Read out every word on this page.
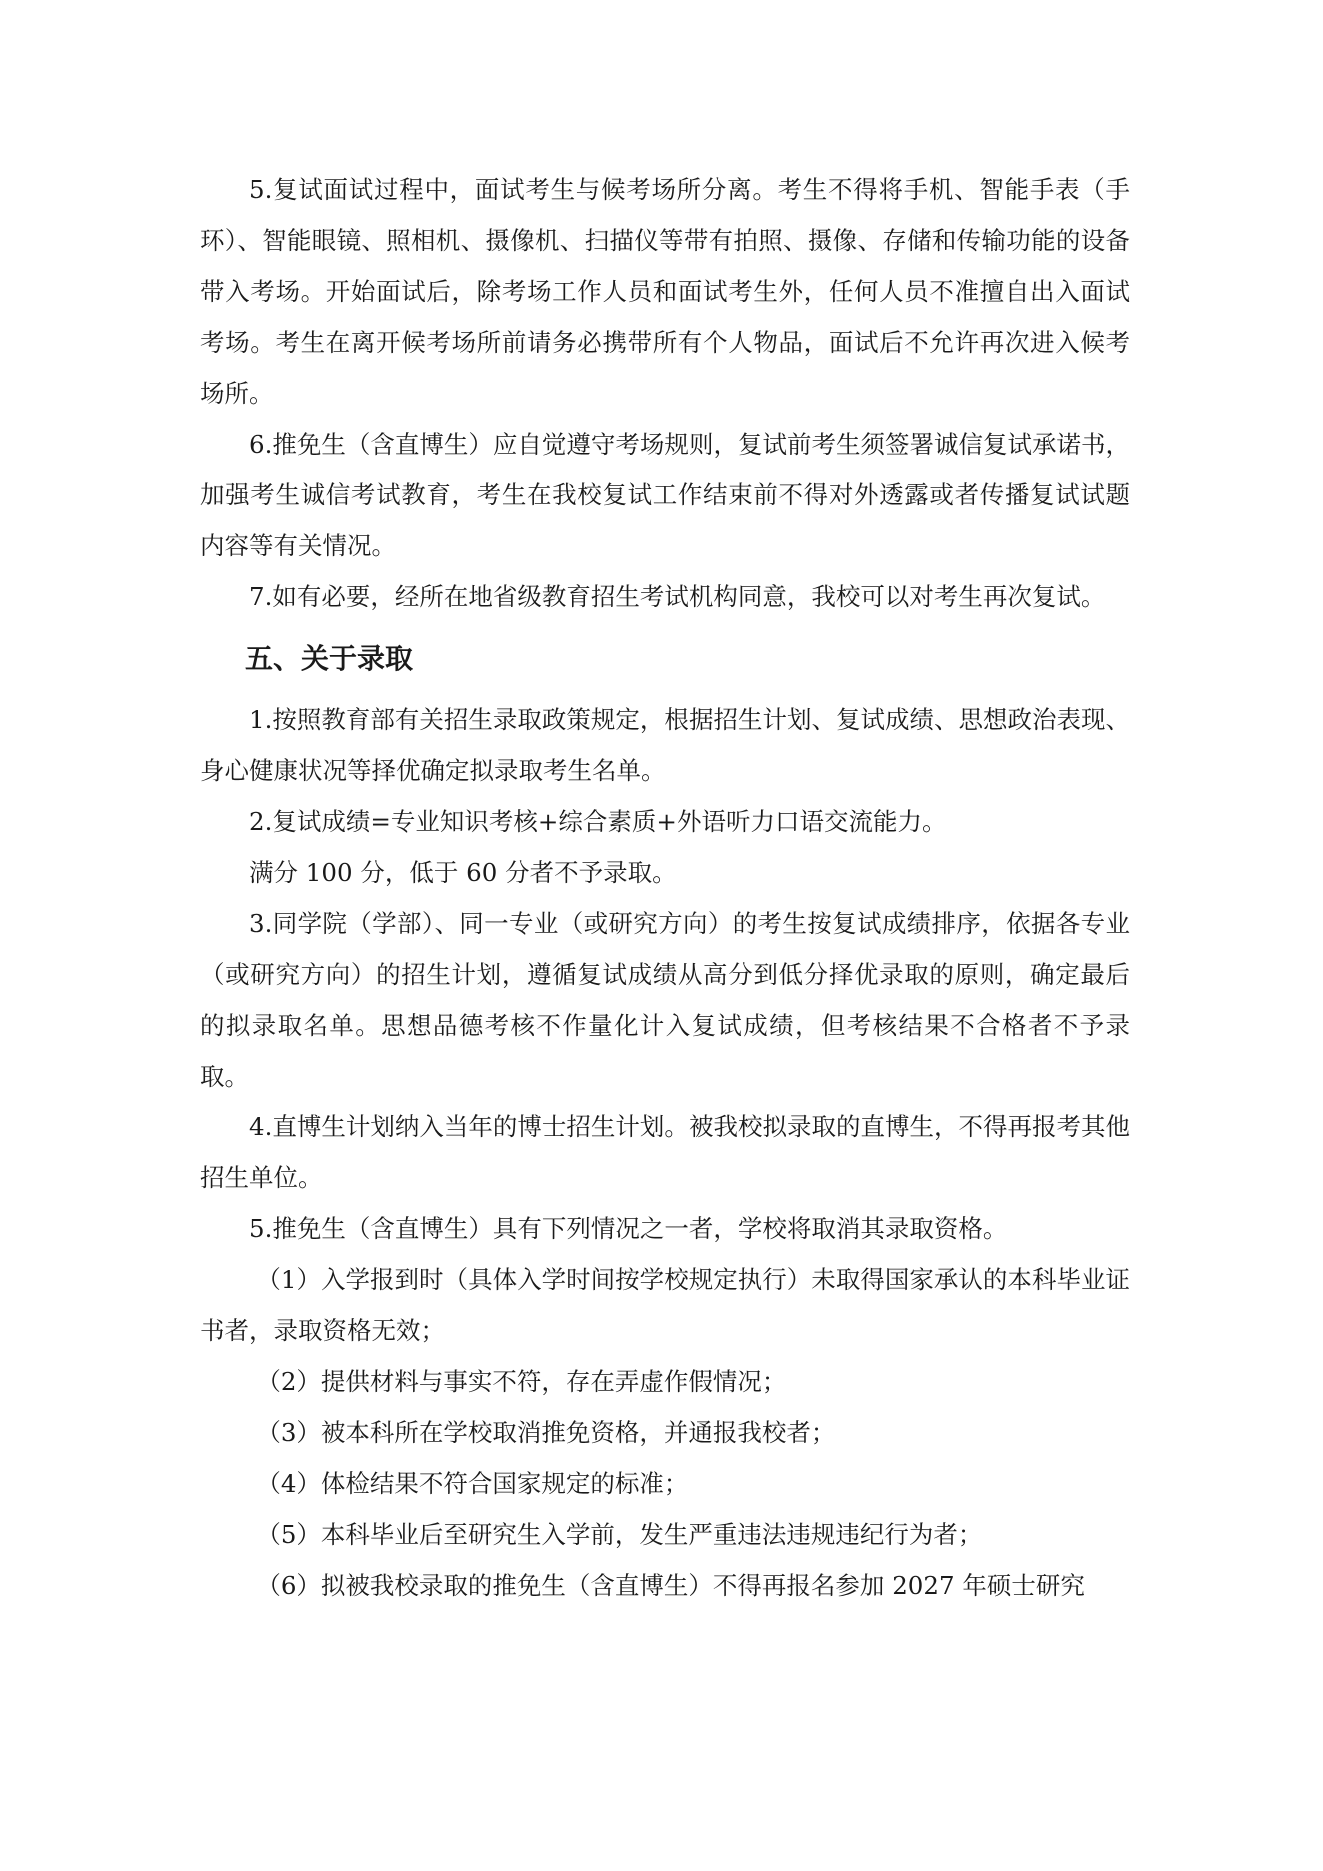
5.复试面试过程中，面试考生与候考场所分离。考生不得将手机、智能手表（手环）、智能眼镜、照相机、摄像机、扫描仪等带有拍照、摄像、存储和传输功能的设备带入考场。开始面试后，除考场工作人员和面试考生外，任何人员不准擅自出入面试考场。考生在离开候考场所前请务必携带所有个人物品，面试后不允许再次进入候考场所。

6.推免生（含直博生）应自觉遵守考场规则，复试前考生须签署诚信复试承诺书，加强考生诚信考试教育，考生在我校复试工作结束前不得对外透露或者传播复试试题内容等有关情况。

7.如有必要，经所在地省级教育招生考试机构同意，我校可以对考生再次复试。

五、关于录取

1.按照教育部有关招生录取政策规定，根据招生计划、复试成绩、思想政治表现、身心健康状况等择优确定拟录取考生名单。

2.复试成绩=专业知识考核+综合素质+外语听力口语交流能力。

满分 100 分，低于 60 分者不予录取。

3.同学院（学部）、同一专业（或研究方向）的考生按复试成绩排序，依据各专业（或研究方向）的招生计划，遵循复试成绩从高分到低分择优录取的原则，确定最后的拟录取名单。思想品德考核不作量化计入复试成绩，但考核结果不合格者不予录取。

4.直博生计划纳入当年的博士招生计划。被我校拟录取的直博生，不得再报考其他招生单位。

5.推免生（含直博生）具有下列情况之一者，学校将取消其录取资格。

（1）入学报到时（具体入学时间按学校规定执行）未取得国家承认的本科毕业证书者，录取资格无效；

（2）提供材料与事实不符，存在弄虚作假情况；

（3）被本科所在学校取消推免资格，并通报我校者；

（4）体检结果不符合国家规定的标准；

（5）本科毕业后至研究生入学前，发生严重违法违规违纪行为者；

（6）拟被我校录取的推免生（含直博生）不得再报名参加 2027 年硕士研究
